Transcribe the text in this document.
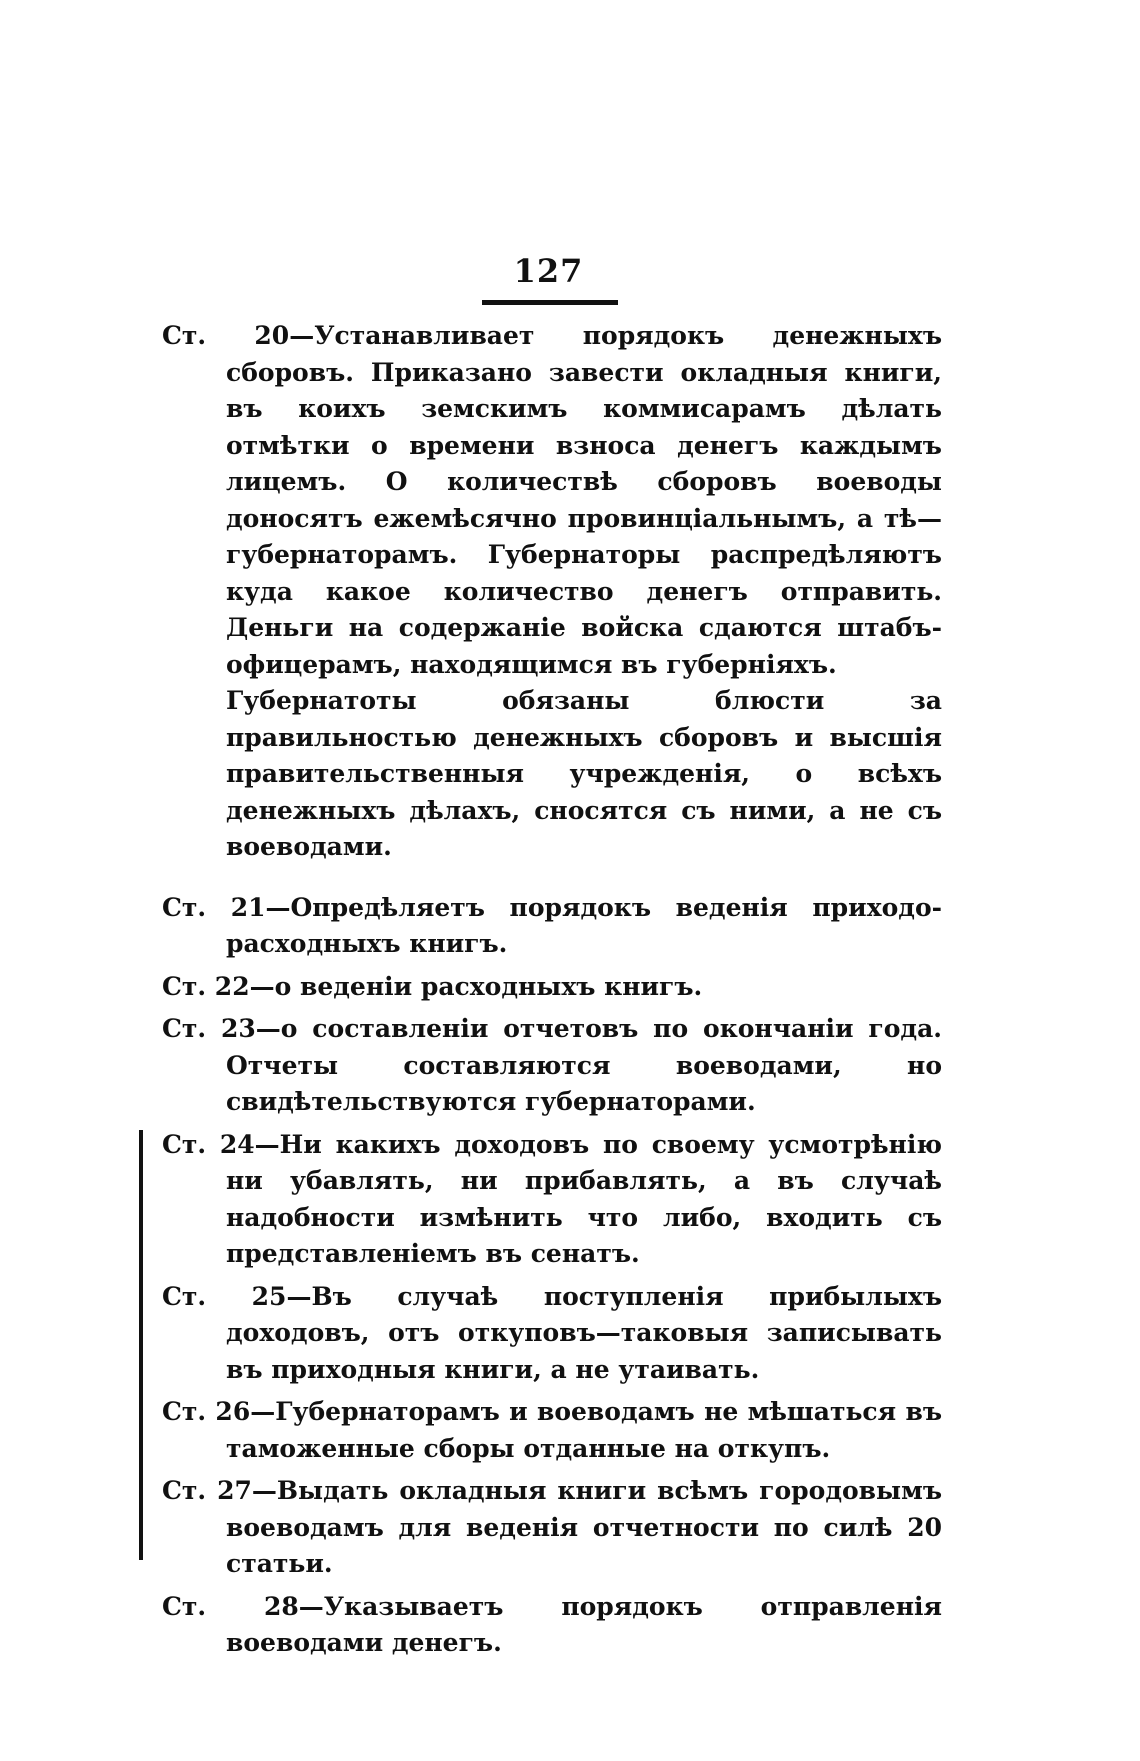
127
Ст. 20—Устанавливает порядокъ денежныхъ сборовъ. Приказано завести окладныя книги, въ коихъ земскимъ коммисарамъ дѣлать отмѣтки о времени взноса денегъ каждымъ лицемъ. О количествѣ сборовъ воеводы доносятъ ежемѣсячно провинціальнымъ, а тѣ—губернаторамъ. Губернаторы распредѣляютъ куда какое количество денегъ отправить. Деньги на содержаніе войска сдаются штабъ-офицерамъ, находящимся въ губерніяхъ.
Губернатоты обязаны блюсти за правильностью денежныхъ сборовъ и высшія правительственныя учрежденія, о всѣхъ денежныхъ дѣлахъ, сносятся съ ними, а не съ воеводами.
Ст. 21—Опредѣляетъ порядокъ веденія приходо-расходныхъ книгъ.
Ст. 22—о веденіи расходныхъ книгъ.
Ст. 23—о составленіи отчетовъ по окончаніи года. Отчеты составляются воеводами, но свидѣтельствуются губернаторами.
Ст. 24—Ни какихъ доходовъ по своему усмотрѣнію ни убавлять, ни прибавлять, а въ случаѣ надобности измѣнить что либо, входить съ представленіемъ въ сенатъ.
Ст. 25—Въ случаѣ поступленія прибылыхъ доходовъ, отъ откуповъ—таковыя записывать въ приходныя книги, а не утаивать.
Ст. 26—Губернаторамъ и воеводамъ не мѣшаться въ таможенные сборы отданные на откупъ.
Ст. 27—Выдать окладныя книги всѣмъ городовымъ воеводамъ для веденія отчетности по силѣ 20 статьи.
Ст. 28—Указываетъ порядокъ отправленія воеводами денегъ.
